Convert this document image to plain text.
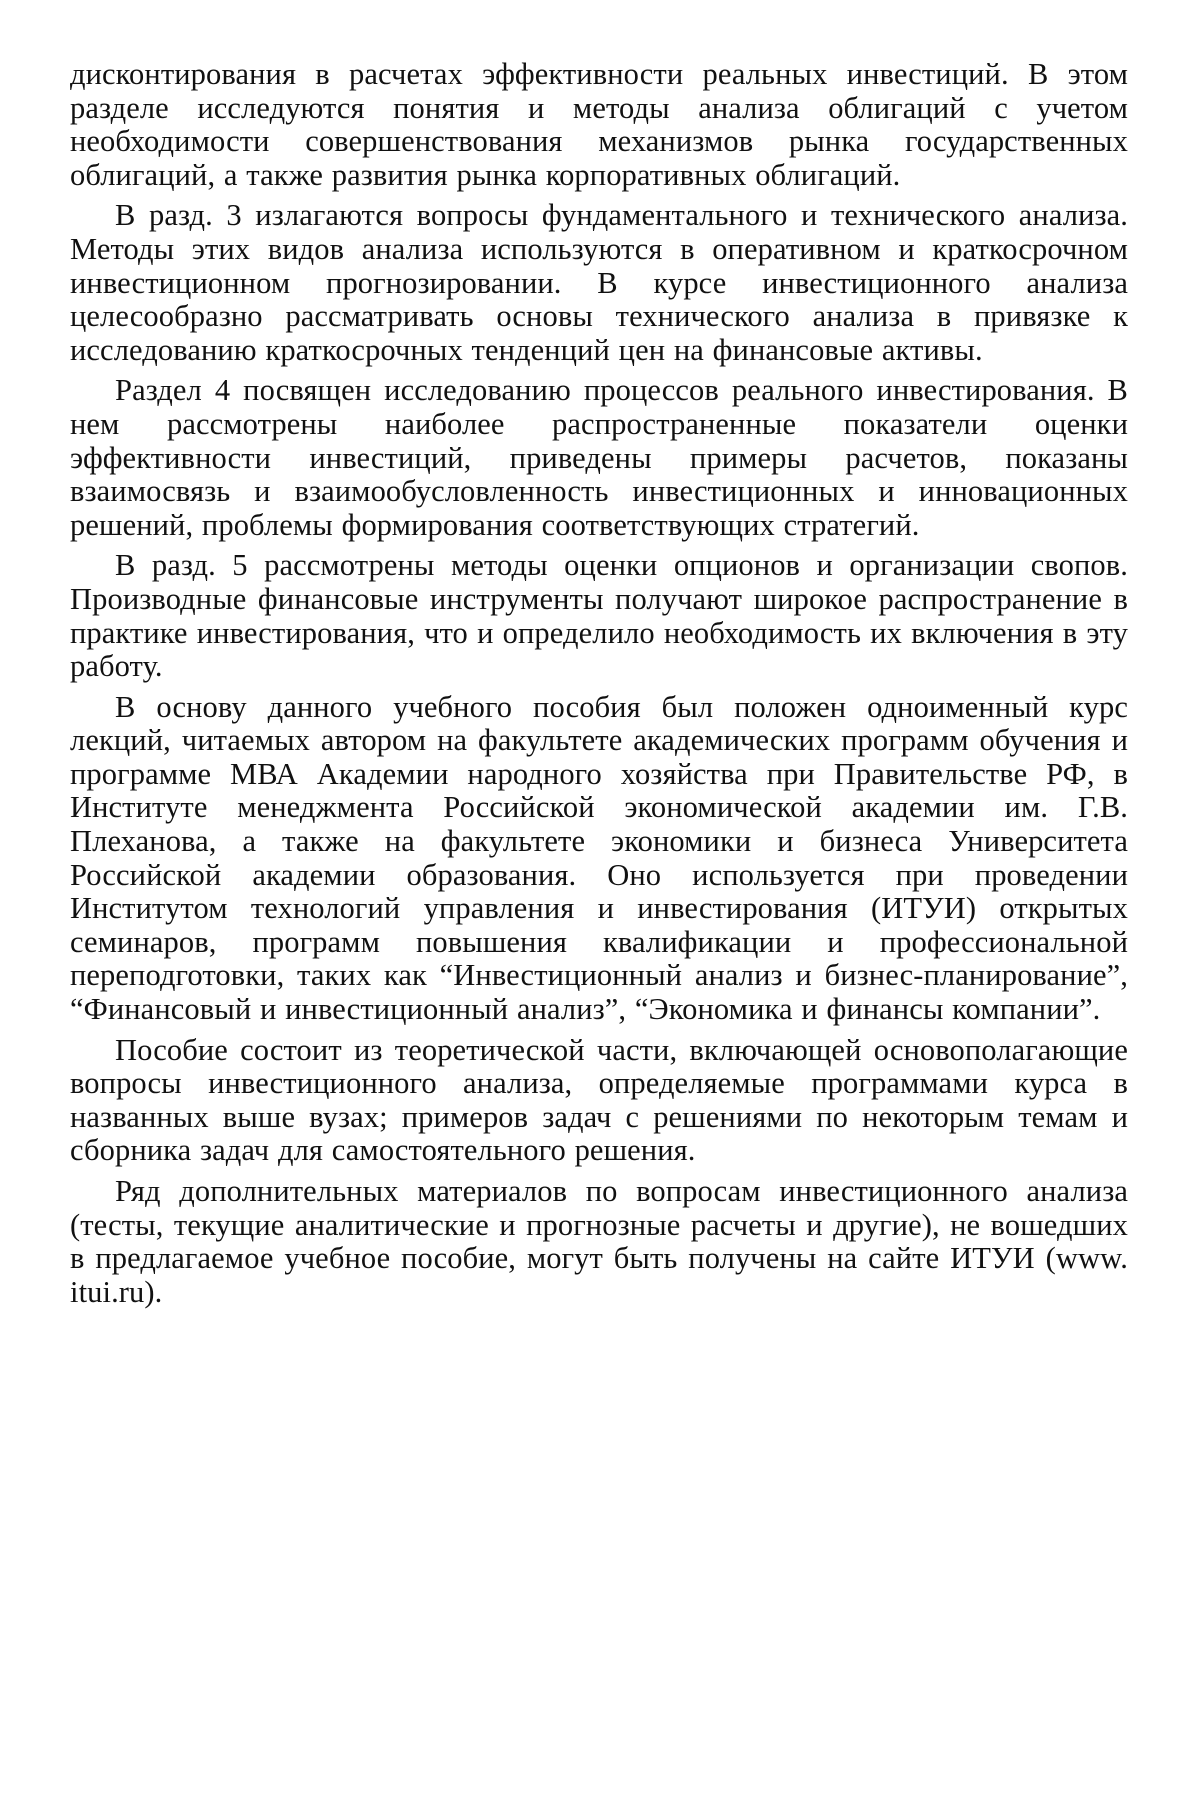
дисконтирования в расчетах эффективности реальных инвестиций. В этом разделе исследуются понятия и методы анализа облигаций с учетом необходимости совершенствования механизмов рынка государственных облигаций, а также развития рынка корпоративных облигаций.

В разд. 3 излагаются вопросы фундаментального и технического анализа. Методы этих видов анализа используются в оперативном и краткосрочном инвестиционном прогнозировании. В курсе инвестиционного анализа целесообразно рассматривать основы технического анализа в привязке к исследованию краткосрочных тенденций цен на финансовые активы.

Раздел 4 посвящен исследованию процессов реального инвестирования. В нем рассмотрены наиболее распространенные показатели оценки эффективности инвестиций, приведены примеры расчетов, показаны взаимосвязь и взаимообусловленность инвестиционных и инновационных решений, проблемы формирования соответствующих стратегий.

В разд. 5 рассмотрены методы оценки опционов и организации свопов. Производные финансовые инструменты получают широкое распространение в практике инвестирования, что и определило необходимость их включения в эту работу.

В основу данного учебного пособия был положен одноименный курс лекций, читаемых автором на факультете академических программ обучения и программе МВА Академии народного хозяйства при Правительстве РФ, в Институте менеджмента Российской экономической академии им. Г.В. Плеханова, а также на факультете экономики и бизнеса Университета Российской академии образования. Оно используется при проведении Институтом технологий управления и инвестирования (ИТУИ) открытых семинаров, программ повышения квалификации и профессиональной переподготовки, таких как “Инвестиционный анализ и бизнес-планирование”, “Финансовый и инвестиционный анализ”, “Экономика и финансы компании”.

Пособие состоит из теоретической части, включающей основополагающие вопросы инвестиционного анализа, определяемые программами курса в названных выше вузах; примеров задач с решениями по некоторым темам и сборника задач для самостоятельного решения.

Ряд дополнительных материалов по вопросам инвестиционного анализа (тесты, текущие аналитические и прогнозные расчеты и другие), не вошедших в предлагаемое учебное пособие, могут быть получены на сайте ИТУИ (www. itui.ru).
